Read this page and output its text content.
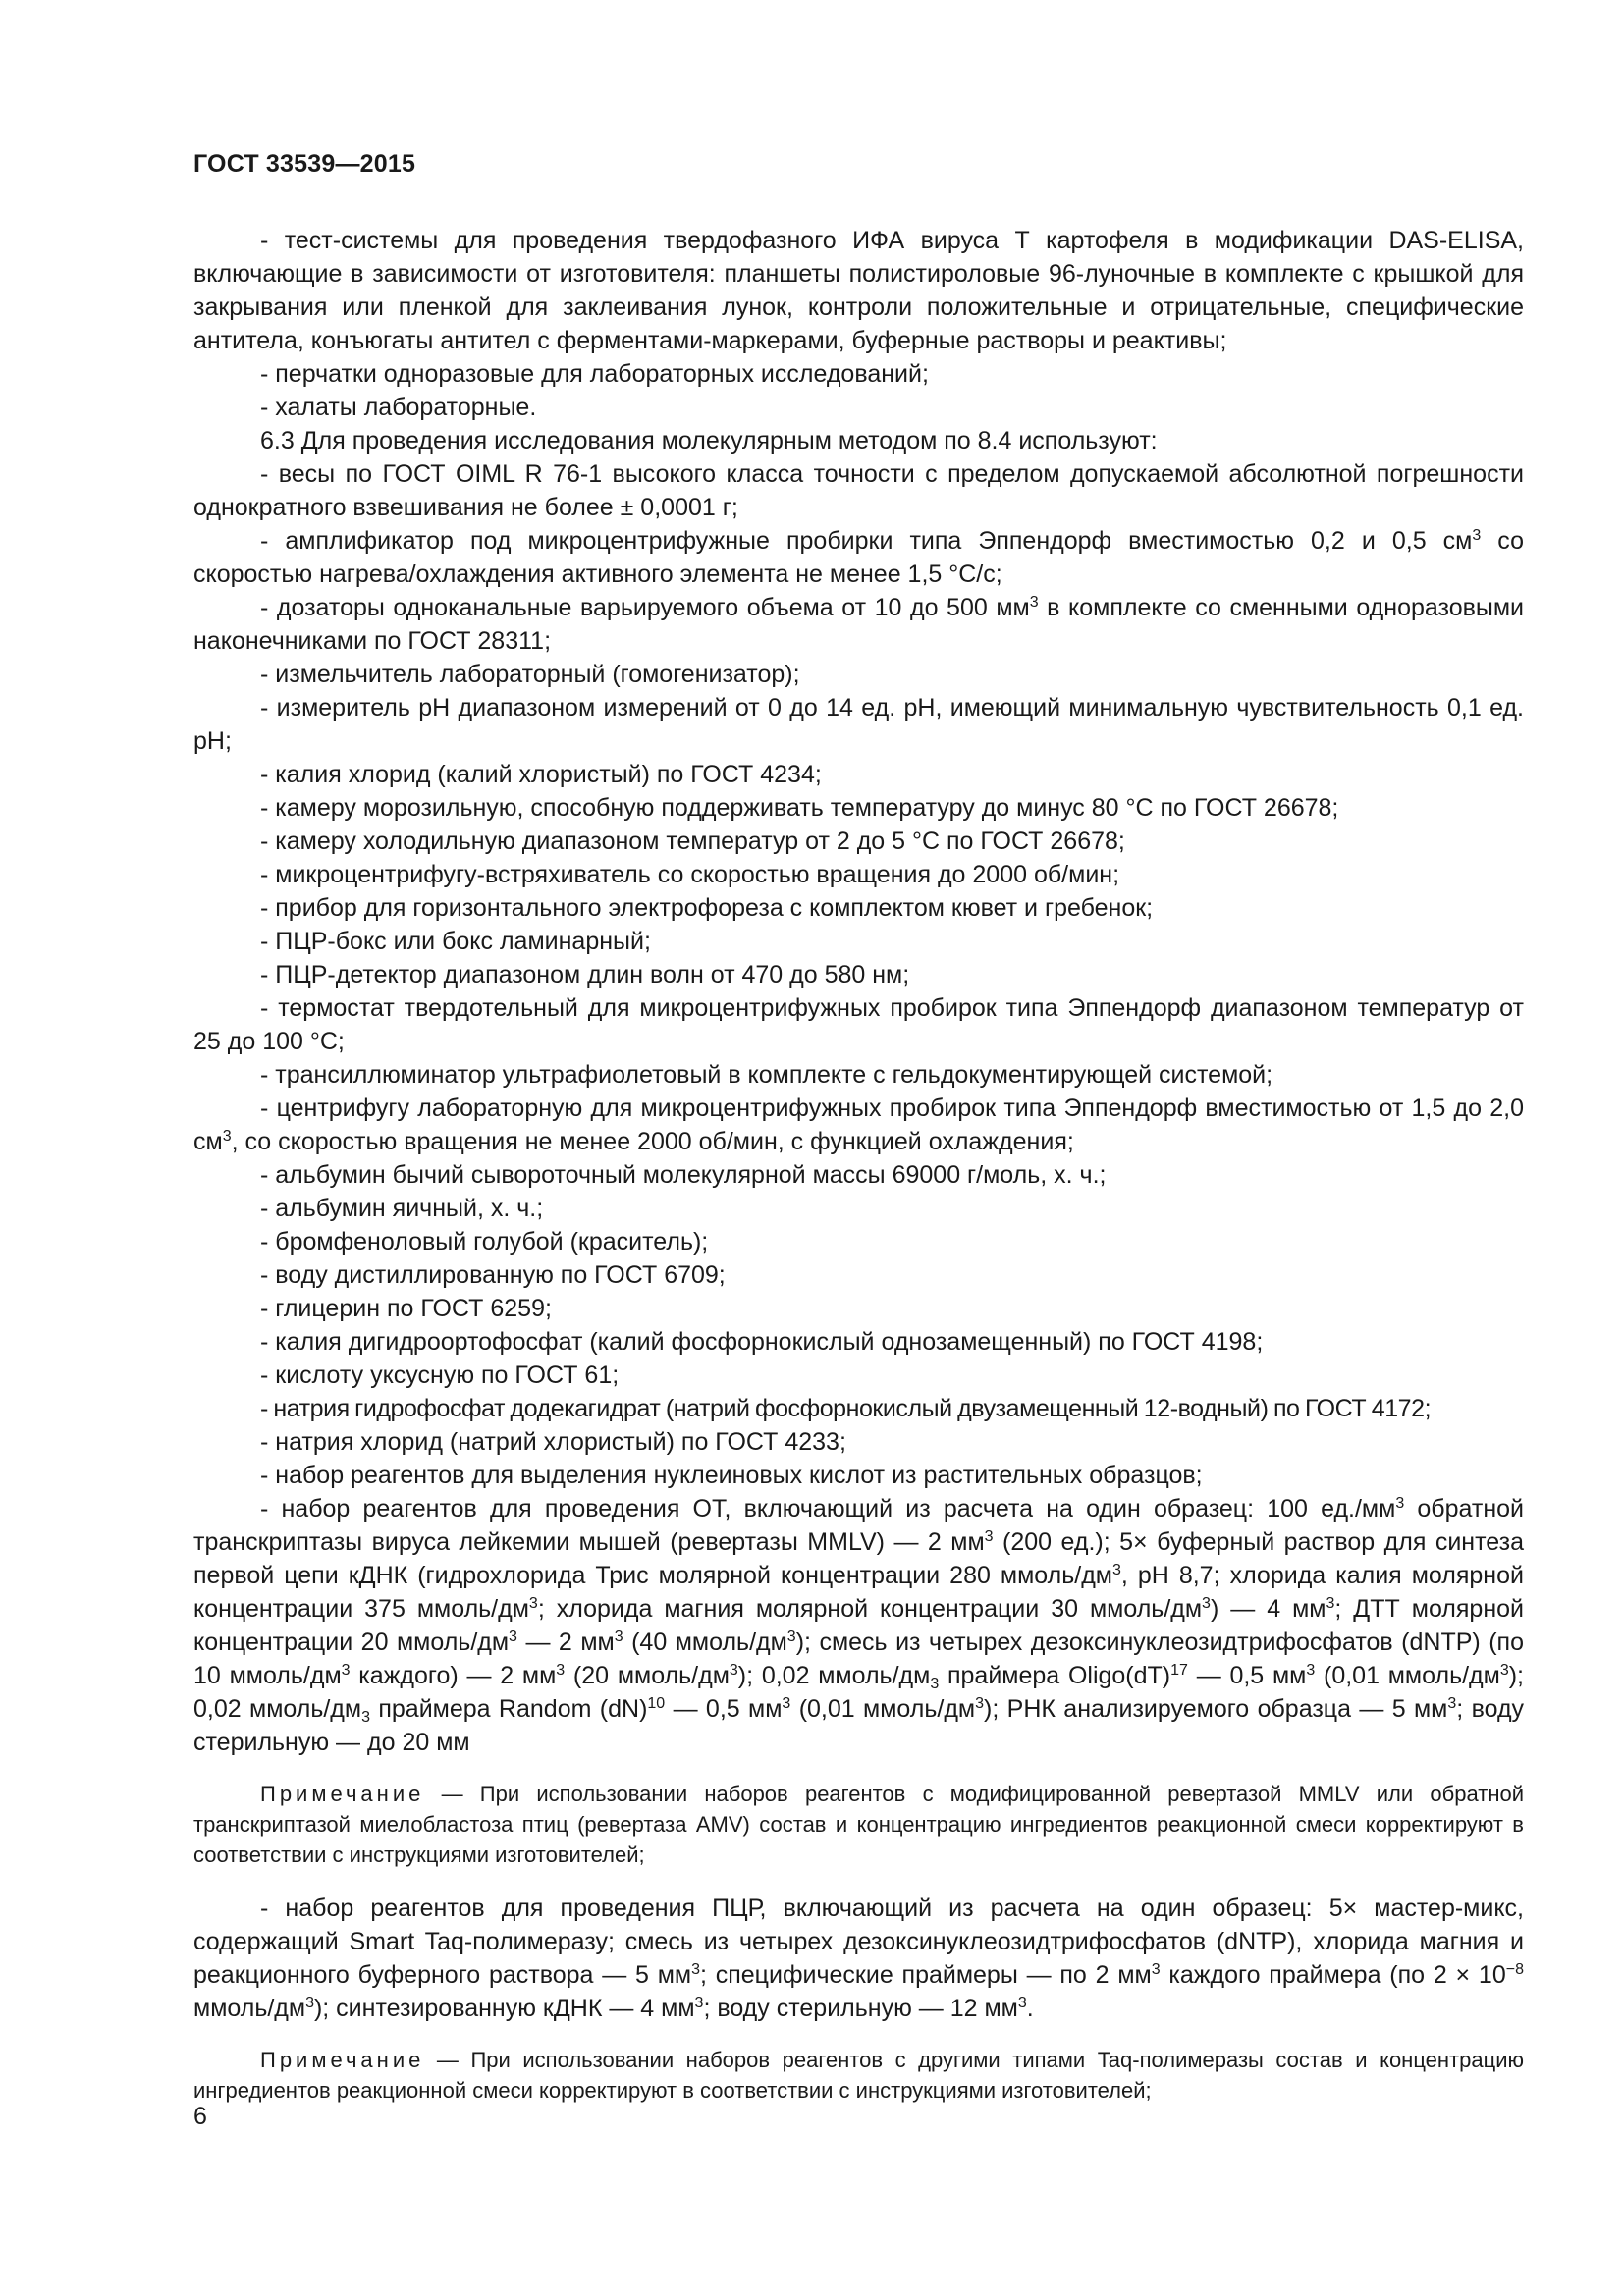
ГОСТ 33539—2015

- тест-системы для проведения твердофазного ИФА вируса Т картофеля в модификации DAS-ELISA, включающие в зависимости от изготовителя: планшеты полистироловые 96-луночные в комплекте с крышкой для закрывания или пленкой для заклеивания лунок, контроли положительные и отрицательные, специфические антитела, конъюгаты антител с ферментами-маркерами, буферные растворы и реактивы;

- перчатки одноразовые для лабораторных исследований;

- халаты лабораторные.

6.3 Для проведения исследования молекулярным методом по 8.4 используют:

- весы по ГОСТ OIML R 76-1 высокого класса точности с пределом допускаемой абсолютной погрешности однократного взвешивания не более ± 0,0001 г;

- амплификатор под микроцентрифужные пробирки типа Эппендорф вместимостью 0,2 и 0,5 $см^3$ со скоростью нагрева/охлаждения активного элемента не менее 1,5 °С/с;

- дозаторы одноканальные варьируемого объема от 10 до 500 $мм^3$ в комплекте со сменными одноразовыми наконечниками по ГОСТ 28311;

- измельчитель лабораторный (гомогенизатор);

- измеритель рН диапазоном измерений от 0 до 14 ед. рН, имеющий минимальную чувствительность 0,1 ед. рН;

- калия хлорид (калий хлористый) по ГОСТ 4234;

- камеру морозильную, способную поддерживать температуру до минус 80 °С по ГОСТ 26678;

- камеру холодильную диапазоном температур от 2 до 5 °С по ГОСТ 26678;

- микроцентрифугу-встряхиватель со скоростью вращения до 2000 об/мин;

- прибор для горизонтального электрофореза с комплектом кювет и гребенок;

- ПЦР-бокс или бокс ламинарный;

- ПЦР-детектор диапазоном длин волн от 470 до 580 нм;

- термостат твердотельный для микроцентрифужных пробирок типа Эппендорф диапазоном температур от 25 до 100 °С;

- трансиллюминатор ультрафиолетовый в комплекте с гельдокументирующей системой;

- центрифугу лабораторную для микроцентрифужных пробирок типа Эппендорф вместимостью от 1,5 до 2,0 $см^3$, со скоростью вращения не менее 2000 об/мин, с функцией охлаждения;

- альбумин бычий сывороточный молекулярной массы 69000 г/моль, х. ч.;

- альбумин яичный, х. ч.;

- бромфеноловый голубой (краситель);

- воду дистиллированную по ГОСТ 6709;

- глицерин по ГОСТ 6259;

- калия дигидроортофосфат (калий фосфорнокислый однозамещенный) по ГОСТ 4198;

- кислоту уксусную по ГОСТ 61;

- натрия гидрофосфат додекагидрат (натрий фосфорнокислый двузамещенный 12-водный) по ГОСТ 4172;

- натрия хлорид (натрий хлористый) по ГОСТ 4233;

- набор реагентов для выделения нуклеиновых кислот из растительных образцов;

- набор реагентов для проведения ОТ, включающий из расчета на один образец: 100 $ед./мм^3$ обратной транскриптазы вируса лейкемии мышей (ревертазы MMLV) — 2 $мм^3$ (200 ед.); 5× буферный раствор для синтеза первой цепи кДНК (гидрохлорида Трис молярной концентрации 280 ммоль/$дм^3$, рН 8,7; хлорида калия молярной концентрации 375 ммоль/$дм^3$; хлорида магния молярной концентрации 30 ммоль/$дм^3$) — 4 $мм^3$; ДТТ молярной концентрации 20 ммоль/$дм^3$ — 2 $мм^3$ (40 ммоль/$дм^3$); смесь из четырех дезоксинуклеозидтрифосфатов (dNTP) (по 10 ммоль/$дм^3$ каждого) — 2 $мм^3$ (20 ммоль/$дм^3$); 0,02 ммоль/$дм_3$ праймера Oligo(dT)$^{17}$ — 0,5 $мм^3$ (0,01 ммоль/$дм^3$); 0,02 ммоль/$дм_3$ праймера Random (dN)$^{10}$ — 0,5 $мм^3$ (0,01 ммоль/$дм^3$); РНК анализируемого образца — 5 $мм^3$; воду стерильную — до 20 мм

Примечание — При использовании наборов реагентов с модифицированной ревертазой MMLV или обратной транскриптазой миелобластоза птиц (ревертаза AMV) состав и концентрацию ингредиентов реакционной смеси корректируют в соответствии с инструкциями изготовителей;

- набор реагентов для проведения ПЦР, включающий из расчета на один образец: 5× мастер-микс, содержащий Smart Taq-полимеразу; смесь из четырех дезоксинуклеозидтрифосфатов (dNTP), хлорида магния и реакционного буферного раствора — 5 $мм^3$; специфические праймеры — по 2 $мм^3$ каждого праймера (по $2 \times 10^{-8}$ ммоль/$дм^3$); синтезированную кДНК — 4 $мм^3$; воду стерильную — 12 $мм^3$.

Примечание — При использовании наборов реагентов с другими типами Taq-полимеразы состав и концентрацию ингредиентов реакционной смеси корректируют в соответствии с инструкциями изготовителей;

6
